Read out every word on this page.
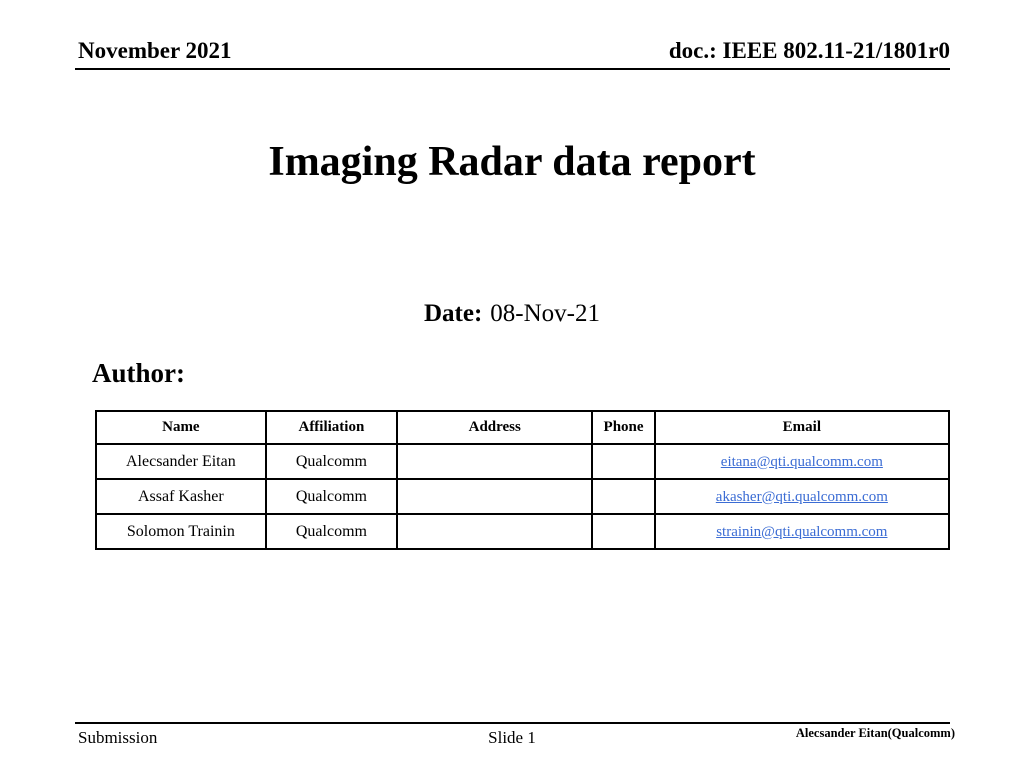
November 2021	doc.: IEEE 802.11-21/1801r0
Imaging Radar data report
Date: 08-Nov-21
Author:
Name	Affiliation	Address	Phone	Email
Alecsander Eitan	Qualcomm			eitana@qti.qualcomm.com
Assaf Kasher	Qualcomm			akasher@qti.qualcomm.com
Solomon Trainin	Qualcomm			strainin@qti.qualcomm.com
Submission	Slide 1	Alecsander Eitan(Qualcomm)
